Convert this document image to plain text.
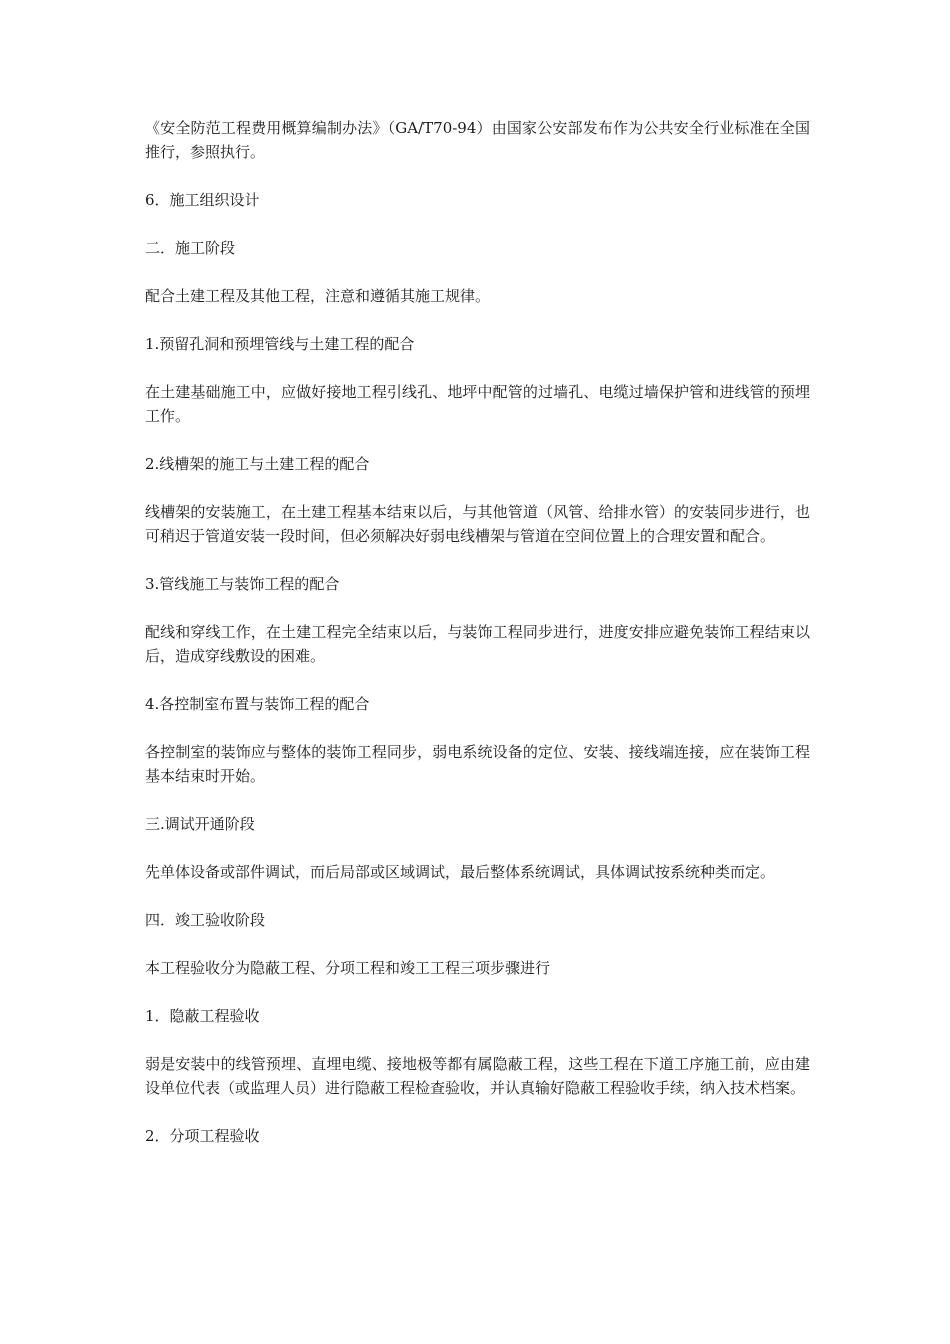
《安全防范工程费用概算编制办法》（GA/T70-94）由国家公安部发布作为公共安全行业标准在全国推行，参照执行。

6．施工组织设计

二．施工阶段

配合土建工程及其他工程，注意和遵循其施工规律。

1.预留孔洞和预埋管线与土建工程的配合

在土建基础施工中，应做好接地工程引线孔、地坪中配管的过墙孔、电缆过墙保护管和进线管的预埋工作。

2.线槽架的施工与土建工程的配合

线槽架的安装施工，在土建工程基本结束以后，与其他管道（风管、给排水管）的安装同步进行，也可稍迟于管道安装一段时间，但必须解决好弱电线槽架与管道在空间位置上的合理安置和配合。

3.管线施工与装饰工程的配合

配线和穿线工作，在土建工程完全结束以后，与装饰工程同步进行，进度安排应避免装饰工程结束以后，造成穿线敷设的困难。

4.各控制室布置与装饰工程的配合

各控制室的装饰应与整体的装饰工程同步，弱电系统设备的定位、安装、接线端连接，应在装饰工程基本结束时开始。

三.调试开通阶段

先单体设备或部件调试，而后局部或区域调试，最后整体系统调试，具体调试按系统种类而定。

四．竣工验收阶段

本工程验收分为隐蔽工程、分项工程和竣工工程三项步骤进行

1．隐蔽工程验收

弱是安装中的线管预埋、直埋电缆、接地极等都有属隐蔽工程，这些工程在下道工序施工前，应由建设单位代表（或监理人员）进行隐蔽工程检查验收，并认真输好隐蔽工程验收手续，纳入技术档案。

2．分项工程验收
